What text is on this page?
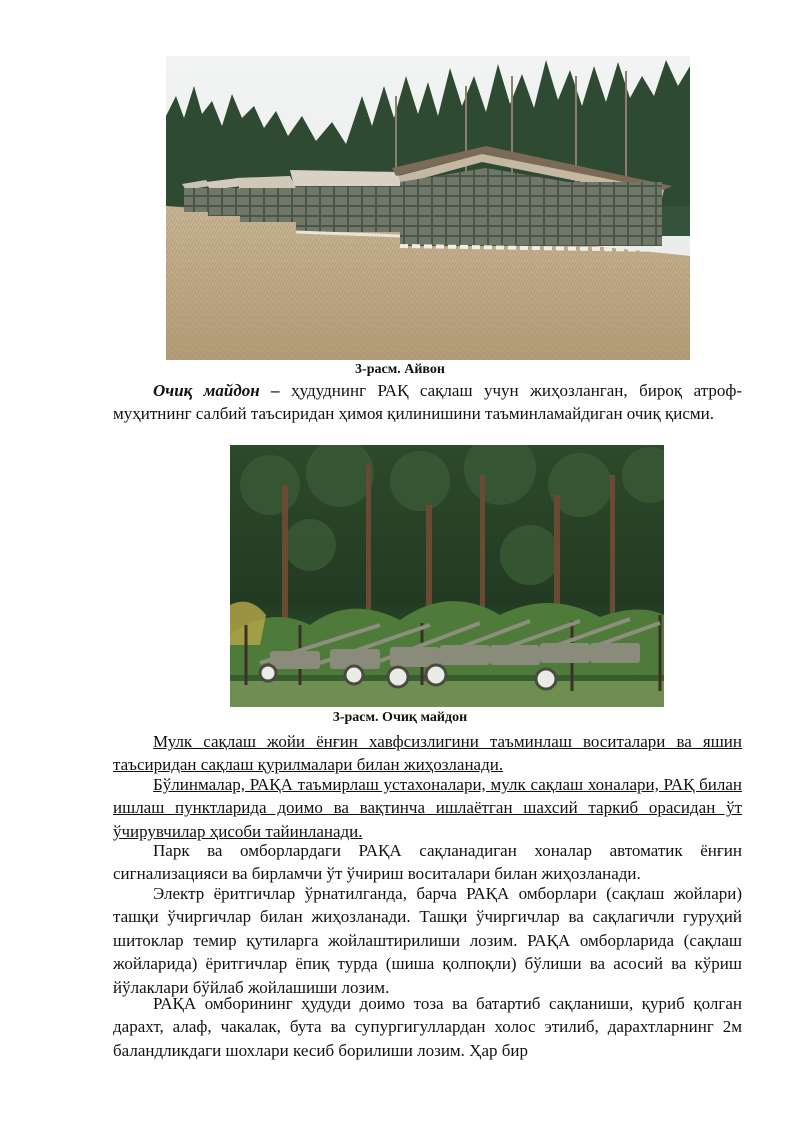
3-расм. Айвон
Очиқ майдон – ҳудуднинг РАҚ сақлаш учун жиҳозланган, бироқ атроф-муҳитнинг салбий таъсиридан ҳимоя қилинишини таъминламайдиган очиқ қисми.
3-расм. Очиқ майдон
Мулк сақлаш жойи ёнғин хавфсизлигини таъминлаш воситалари ва яшин таъсиридан сақлаш қурилмалари билан жиҳозланади.
Бўлинмалар, РАҚА таъмирлаш устахоналари, мулк сақлаш хоналари, РАҚ билан ишлаш пунктларида доимо ва вақтинча ишлаётган шахсий таркиб орасидан ўт ўчирувчилар ҳисоби тайинланади.
Парк ва омборлардаги РАҚА сақланадиган хоналар автоматик ёнғин сигнализацияси ва бирламчи ўт ўчириш воситалари билан жиҳозланади.
Электр ёритгичлар ўрнатилганда, барча РАҚА омборлари (сақлаш жойлари) ташқи ўчиргичлар билан жиҳозланади. Ташқи ўчиргичлар ва сақлагичли гуруҳий шитоклар темир қутиларга жойлаштирилиши лозим. РАҚА омборларида (сақлаш жойларида) ёритгичлар ёпиқ турда (шиша қолпоқли) бўлиши ва асосий ва кўриш йўлаклари бўйлаб жойлашиши лозим.
РАҚА омборининг ҳудуди доимо тоза ва батартиб сақланиши, қуриб қолган дарахт, алаф, чакалак, бута ва супургигуллардан холос этилиб, дарахтларнинг 2м баландликдаги шохлари кесиб борилиши лозим. Ҳар бир
